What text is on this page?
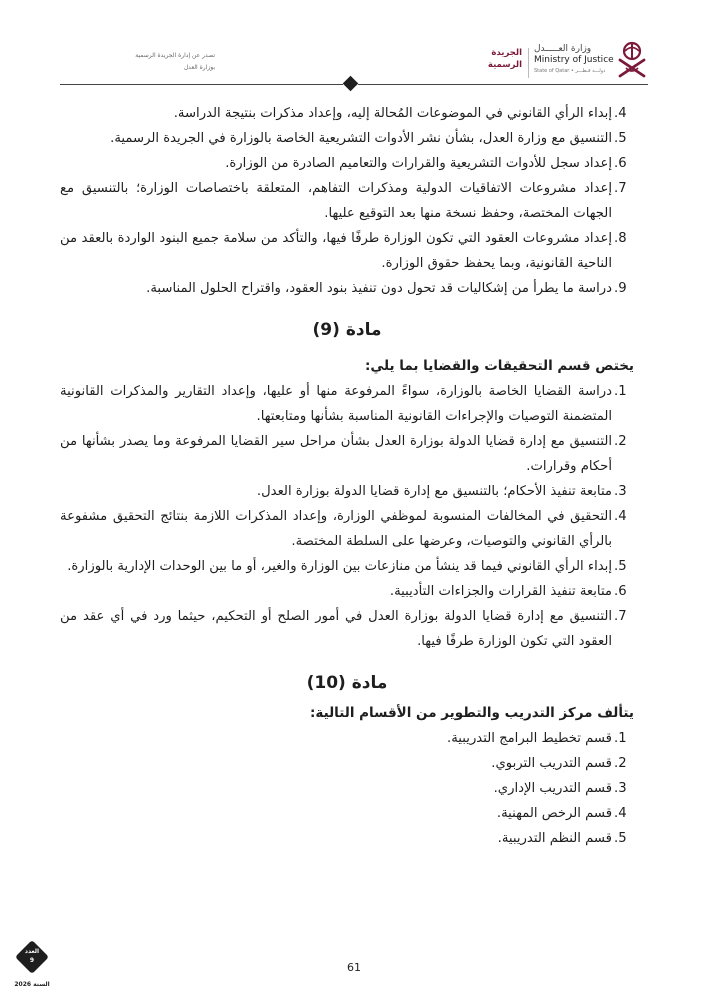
تصدر عن إدارة الجريدة الرسمية
بوزارة العدل
الجريدة
الرسمية
وزارة العـــــدل
Ministry of Justice
State of Qatar • دولـــة قـطـــر
.4
إبداء الرأي القانوني في الموضوعات المُحالة إليه، وإعداد مذكرات بنتيجة الدراسة.
.5
التنسيق مع وزارة العدل، بشأن نشر الأدوات التشريعية الخاصة بالوزارة في الجريدة الرسمية.
.6
إعداد سجل للأدوات التشريعية والقرارات والتعاميم الصادرة من الوزارة.
.7
إعداد مشروعات الاتفاقيات الدولية ومذكرات التفاهم، المتعلقة باختصاصات الوزارة؛ بالتنسيق مع الجهات المختصة، وحفظ نسخة منها بعد التوقيع عليها.
.8
إعداد مشروعات العقود التي تكون الوزارة طرفًا فيها، والتأكد من سلامة جميع البنود الواردة بالعقد من الناحية القانونية، وبما يحفظ حقوق الوزارة.
.9
دراسة ما يطرأ من إشكاليات قد تحول دون تنفيذ بنود العقود، واقتراح الحلول المناسبة.
مادة (9)

يختص قسم التحقيقات والقضايا بما يلي:

.1
دراسة القضايا الخاصة بالوزارة، سواءً المرفوعة منها أو عليها، وإعداد التقارير والمذكرات القانونية المتضمنة التوصيات والإجراءات القانونية المناسبة بشأنها ومتابعتها.
.2
التنسيق مع إدارة قضايا الدولة بوزارة العدل بشأن مراحل سير القضايا المرفوعة وما يصدر بشأنها من أحكام وقرارات.
.3
متابعة تنفيذ الأحكام؛ بالتنسيق مع إدارة قضايا الدولة بوزارة العدل.
.4
التحقيق في المخالفات المنسوبة لموظفي الوزارة، وإعداد المذكرات اللازمة بنتائج التحقيق مشفوعة بالرأي القانوني والتوصيات، وعرضها على السلطة المختصة.
.5
إبداء الرأي القانوني فيما قد ينشأ من منازعات بين الوزارة والغير، أو ما بين الوحدات الإدارية بالوزارة.
.6
متابعة تنفيذ القرارات والجزاءات التأديبية.
.7
التنسيق مع إدارة قضايا الدولة بوزارة العدل في أمور الصلح أو التحكيم، حيثما ورد في أي عقد من العقود التي تكون الوزارة طرفًا فيها.
مادة (10)

يتألف مركز التدريب والتطوير من الأقسام التالية:

.1
قسم تخطيط البرامج التدريبية.
.2
قسم التدريب التربوي.
.3
قسم التدريب الإداري.
.4
قسم الرخص المهنية.
.5
قسم النظم التدريبية.
61
العدد
9
السنة 2026
